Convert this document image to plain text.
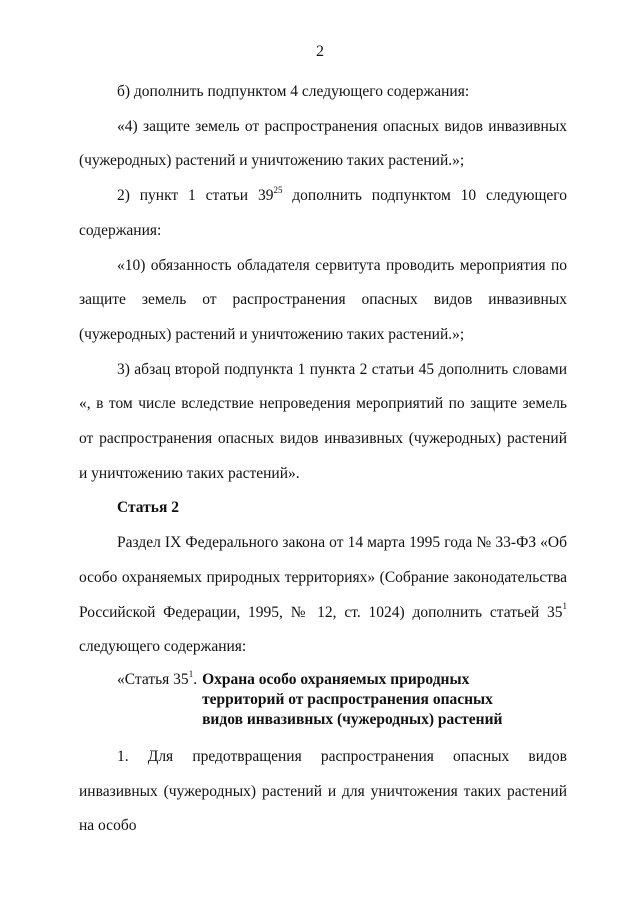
2

б) дополнить подпунктом 4 следующего содержания:

«4) защите земель от распространения опасных видов инвазивных (чужеродных) растений и уничтожению таких растений.»;

2) пункт 1 статьи $39^{25}$ дополнить подпунктом 10 следующего содержания:

«10) обязанность обладателя сервитута проводить мероприятия по защите земель от распространения опасных видов инвазивных (чужеродных) растений и уничтожению таких растений.»;

3) абзац второй подпункта 1 пункта 2 статьи 45 дополнить словами «, в том числе вследствие непроведения мероприятий по защите земель от распространения опасных видов инвазивных (чужеродных) растений и уничтожению таких растений».

Статья 2

Раздел IX Федерального закона от 14 марта 1995 года № 33-ФЗ «Об особо охраняемых природных территориях» (Собрание законодательства Российской Федерации, 1995, № 12, ст. 1024) дополнить статьей $35^1$ следующего содержания:

«Статья $35^1$. Охрана особо охраняемых природных территорий от распространения опасных видов инвазивных (чужеродных) растений

1. Для предотвращения распространения опасных видов инвазивных (чужеродных) растений и для уничтожения таких растений на особо
